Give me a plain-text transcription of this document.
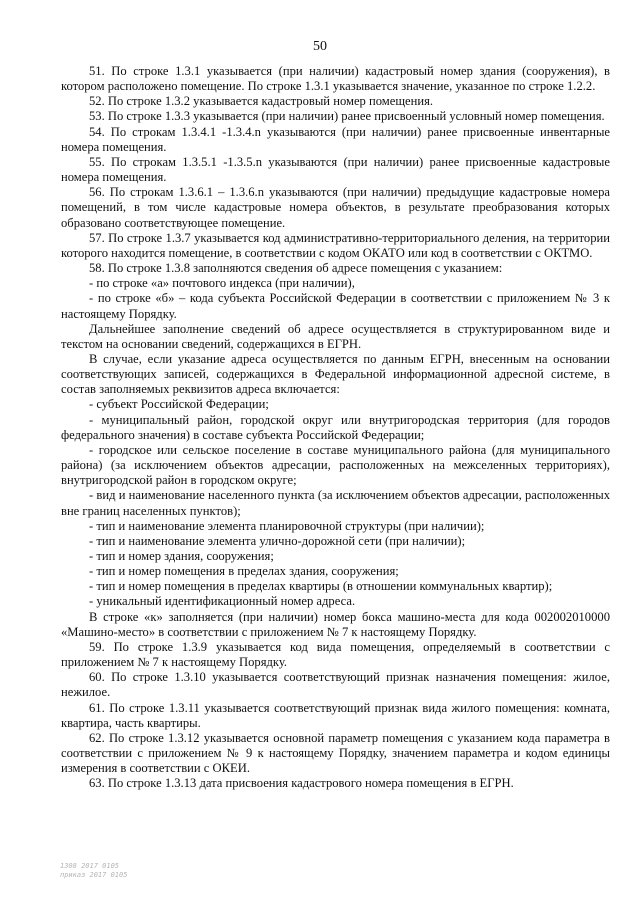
50

51. По строке 1.3.1 указывается (при наличии) кадастровый номер здания (сооружения), в котором расположено помещение. По строке 1.3.1 указывается значение, указанное по строке 1.2.2.

52. По строке 1.3.2 указывается кадастровый номер помещения.

53. По строке 1.3.3 указывается (при наличии) ранее присвоенный условный номер помещения.

54. По строкам 1.3.4.1 -1.3.4.n указываются (при наличии) ранее присвоенные инвентарные номера помещения.

55. По строкам 1.3.5.1 -1.3.5.n указываются (при наличии) ранее присвоенные кадастровые номера помещения.

56. По строкам 1.3.6.1 – 1.3.6.n указываются (при наличии) предыдущие кадастровые номера помещений, в том числе кадастровые номера объектов, в результате преобразования которых образовано соответствующее помещение.

57. По строке 1.3.7 указывается код административно-территориального деления, на территории которого находится помещение, в соответствии с кодом ОКАТО или код в соответствии с ОКТМО.

58. По строке 1.3.8 заполняются сведения об адресе помещения с указанием:

- по строке «а» почтового индекса (при наличии),

- по строке «б» – кода субъекта Российской Федерации в соответствии с приложением № 3 к настоящему Порядку.

Дальнейшее заполнение сведений об адресе осуществляется в структурированном виде и текстом на основании сведений, содержащихся в ЕГРН.

В случае, если указание адреса осуществляется по данным ЕГРН, внесенным на основании соответствующих записей, содержащихся в Федеральной информационной адресной системе, в состав заполняемых реквизитов адреса включается:

- субъект Российской Федерации;

- муниципальный район, городской округ или внутригородская территория (для городов федерального значения) в составе субъекта Российской Федерации;

- городское или сельское поселение в составе муниципального района (для муниципального района) (за исключением объектов адресации, расположенных на межселенных территориях), внутригородской район в городском округе;

- вид и наименование населенного пункта (за исключением объектов адресации, расположенных вне границ населенных пунктов);

- тип и наименование элемента планировочной структуры (при наличии);

- тип и наименование элемента улично-дорожной сети (при наличии);

- тип и номер здания, сооружения;

- тип и номер помещения в пределах здания, сооружения;

- тип и номер помещения в пределах квартиры (в отношении коммунальных квартир);

- уникальный идентификационный номер адреса.

В строке «к» заполняется (при наличии) номер бокса машино-места для кода 002002010000 «Машино-место» в соответствии с приложением № 7 к настоящему Порядку.

59. По строке 1.3.9 указывается код вида помещения, определяемый в соответствии с приложением № 7 к настоящему Порядку.

60. По строке 1.3.10 указывается соответствующий признак назначения помещения: жилое, нежилое.

61. По строке 1.3.11 указывается соответствующий признак вида жилого помещения: комната, квартира, часть квартиры.

62. По строке 1.3.12 указывается основной параметр помещения с указанием кода параметра в соответствии с приложением № 9 к настоящему Порядку, значением параметра и кодом единицы измерения в соответствии с ОКЕИ.

63. По строке 1.3.13 дата присвоения кадастрового номера помещения в ЕГРН.

1308 2017 0105
приказ 2017 0105
